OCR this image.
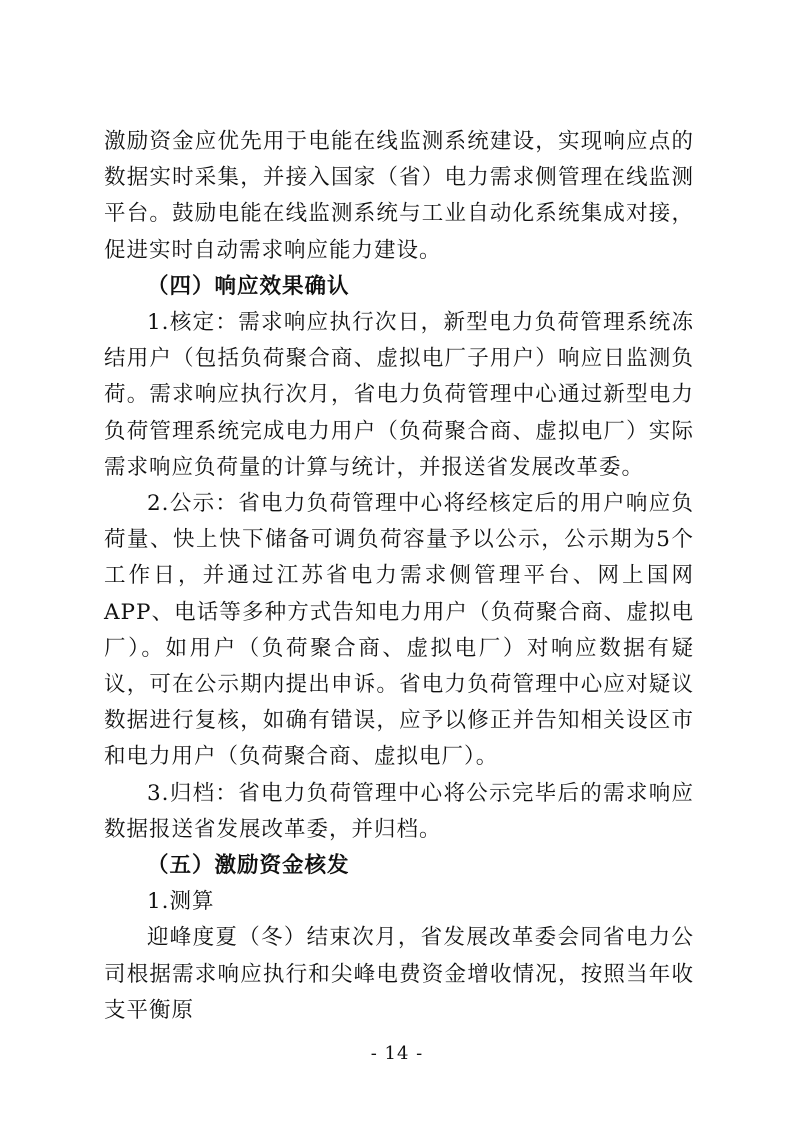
激励资金应优先用于电能在线监测系统建设，实现响应点的数据实时采集，并接入国家（省）电力需求侧管理在线监测平台。鼓励电能在线监测系统与工业自动化系统集成对接，促进实时自动需求响应能力建设。

（四）响应效果确认

1.核定：需求响应执行次日，新型电力负荷管理系统冻结用户（包括负荷聚合商、虚拟电厂子用户）响应日监测负荷。需求响应执行次月，省电力负荷管理中心通过新型电力负荷管理系统完成电力用户（负荷聚合商、虚拟电厂）实际需求响应负荷量的计算与统计，并报送省发展改革委。

2.公示：省电力负荷管理中心将经核定后的用户响应负荷量、快上快下储备可调负荷容量予以公示，公示期为5个工作日，并通过江苏省电力需求侧管理平台、网上国网APP、电话等多种方式告知电力用户（负荷聚合商、虚拟电厂）。如用户（负荷聚合商、虚拟电厂）对响应数据有疑议，可在公示期内提出申诉。省电力负荷管理中心应对疑议数据进行复核，如确有错误，应予以修正并告知相关设区市和电力用户（负荷聚合商、虚拟电厂）。

3.归档：省电力负荷管理中心将公示完毕后的需求响应数据报送省发展改革委，并归档。

（五）激励资金核发

1.测算

迎峰度夏（冬）结束次月，省发展改革委会同省电力公司根据需求响应执行和尖峰电费资金增收情况，按照当年收支平衡原

- 14 -
